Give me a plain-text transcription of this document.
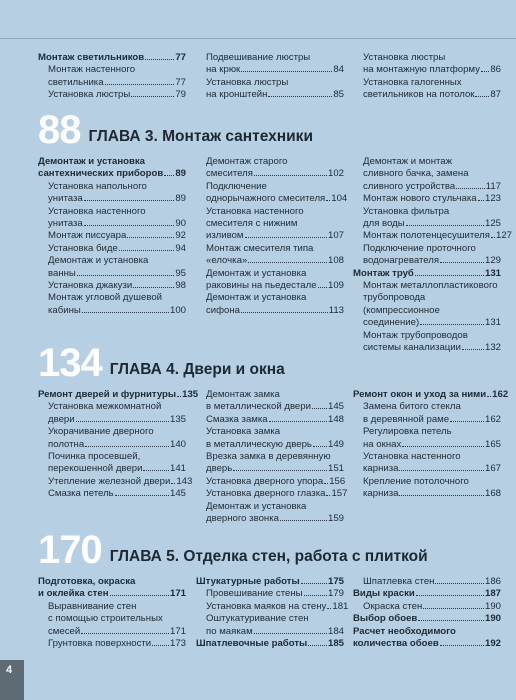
Монтаж светильников	77
Монтаж настенного
светильника	77
Установка люстры	79
Подвешивание люстры
на крюк	84
Установка люстры
на кронштейн	85
Установка люстры
на монтажную платформу 86
Установка галогенных
светильников на потолок 87
88 ГЛАВА 3. Монтаж сантехники
Демонтаж и установка
сантехнических приборов 89
Установка напольного
унитаза	89
Установка настенного
унитаза	90
Монтаж писсуара	92
Установка биде	94
Демонтаж и установка
ванны	95
Установка джакузи	98
Монтаж угловой душевой
кабины	100
Демонтаж старого
смесителя	102
Подключение
однорычажного смесителя 104
Установка настенного
смесителя с нижним
изливом	107
Монтаж смесителя типа
«елочка»	108
Демонтаж и установка
раковины на пьедестале 109
Демонтаж и установка
сифона	113
Демонтаж и монтаж
сливного бачка, замена
сливного устройства	117
Монтаж нового стульчака 123
Установка фильтра
для воды	125
Монтаж полотенцесушителя 127
Подключение проточного
водонагревателя	129
Монтаж труб	131
Монтаж металлопластикового
трубопровода (компрессионное
соединение)	131
Монтаж трубопроводов
системы канализации 132
134 ГЛАВА 4. Двери и окна
Ремонт дверей и фурнитуры 135
Установка межкомнатной
двери	135
Укорачивание дверного
полотна	140
Починка просевшей,
перекошенной двери	141
Утепление железной двери 143
Смазка петель	145
Демонтаж замка
в металлической двери 145
Смазка замка	148
Установка замка
в металлическую дверь 149
Врезка замка в деревянную
дверь	151
Установка дверного упора 156
Установка дверного глазка 157
Демонтаж и установка
дверного звонка	159
Ремонт окон и уход за ними 162
Замена битого стекла
в деревянной раме	162
Регулировка петель
на окнах	165
Установка настенного
карниза	167
Крепление потолочного
карниза	168
170 ГЛАВА 5. Отделка стен, работа с плиткой
Подготовка, окраска
и оклейка стен	171
Выравнивание стен
с помощью строительных
смесей	171
Грунтовка поверхности 173
Штукатурные работы	175
Провешивание стены	179
Установка маяков на стену 181
Оштукатуривание стен
по маякам	184
Шпатлевочные работы 185
Шпатлевка стен	186
Виды краски	187
Окраска стен	190
Выбор обоев	190
Расчет необходимого
количества обоев	192
4
